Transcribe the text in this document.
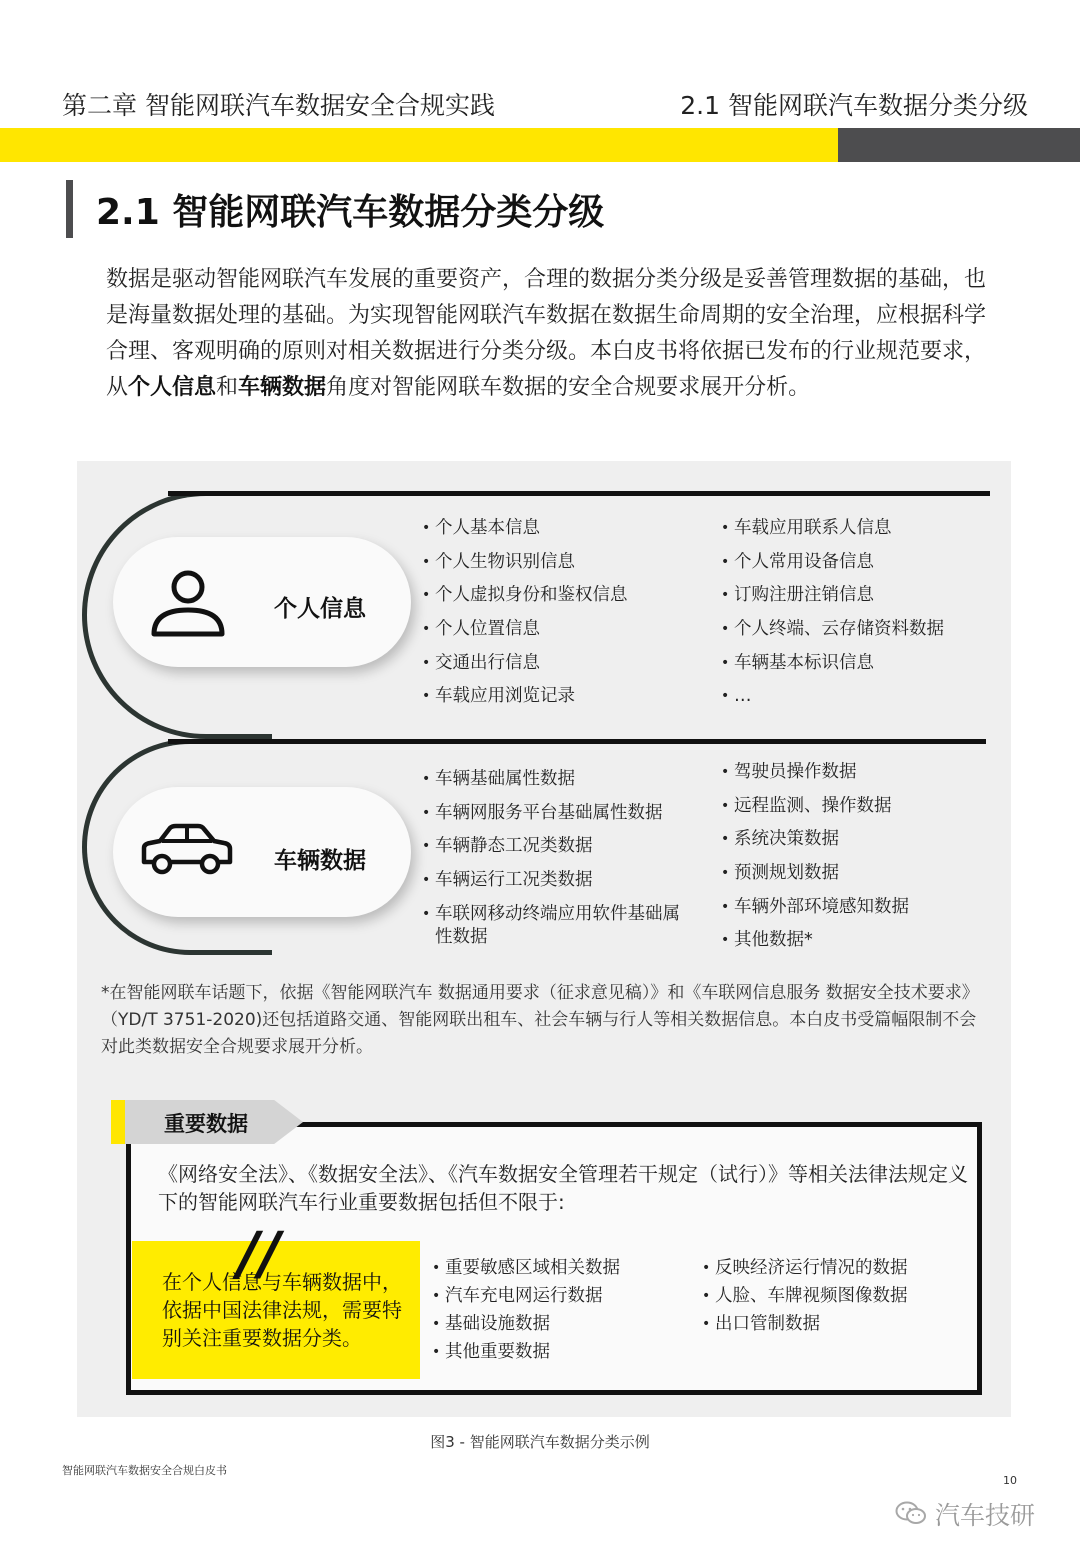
第二章 智能网联汽车数据安全合规实践	2.1 智能网联汽车数据分类分级
2.1 智能网联汽车数据分类分级

数据是驱动智能网联汽车发展的重要资产，合理的数据分类分级是妥善管理数据的基础，也是海量数据处理的基础。为实现智能网联汽车数据在数据生命周期的安全治理，应根据科学合理、客观明确的原则对相关数据进行分类分级。本白皮书将依据已发布的行业规范要求，从个人信息和车辆数据角度对智能网联车数据的安全合规要求展开分析。

个人信息
• 个人基本信息
• 个人生物识别信息
• 个人虚拟身份和鉴权信息
• 个人位置信息
• 交通出行信息
• 车载应用浏览记录
• 车载应用联系人信息
• 个人常用设备信息
• 订购注册注销信息
• 个人终端、云存储资料数据
• 车辆基本标识信息
• …
车辆数据
• 车辆基础属性数据
• 车辆网服务平台基础属性数据
• 车辆静态工况类数据
• 车辆运行工况类数据
• 车联网移动终端应用软件基础属性数据
• 驾驶员操作数据
• 远程监测、操作数据
• 系统决策数据
• 预测规划数据
• 车辆外部环境感知数据
• 其他数据*

*在智能网联车话题下，依据《智能网联汽车 数据通用要求（征求意见稿）》和《车联网信息服务 数据安全技术要求》（YD/T 3751-2020)还包括道路交通、智能网联出租车、社会车辆与行人等相关数据信息。本白皮书受篇幅限制不会对此类数据安全合规要求展开分析。

重要数据

《网络安全法》、《数据安全法》、《汽车数据安全管理若干规定（试行）》等相关法律法规定义下的智能网联汽车行业重要数据包括但不限于:

//

在个人信息与车辆数据中，依据中国法律法规，需要特别关注重要数据分类。

• 重要敏感区域相关数据
• 汽车充电网运行数据
• 基础设施数据
• 其他重要数据
• 反映经济运行情况的数据
• 人脸、车牌视频图像数据
• 出口管制数据
图3 - 智能网联汽车数据分类示例
智能网联汽车数据安全合规白皮书
10
汽车技研
